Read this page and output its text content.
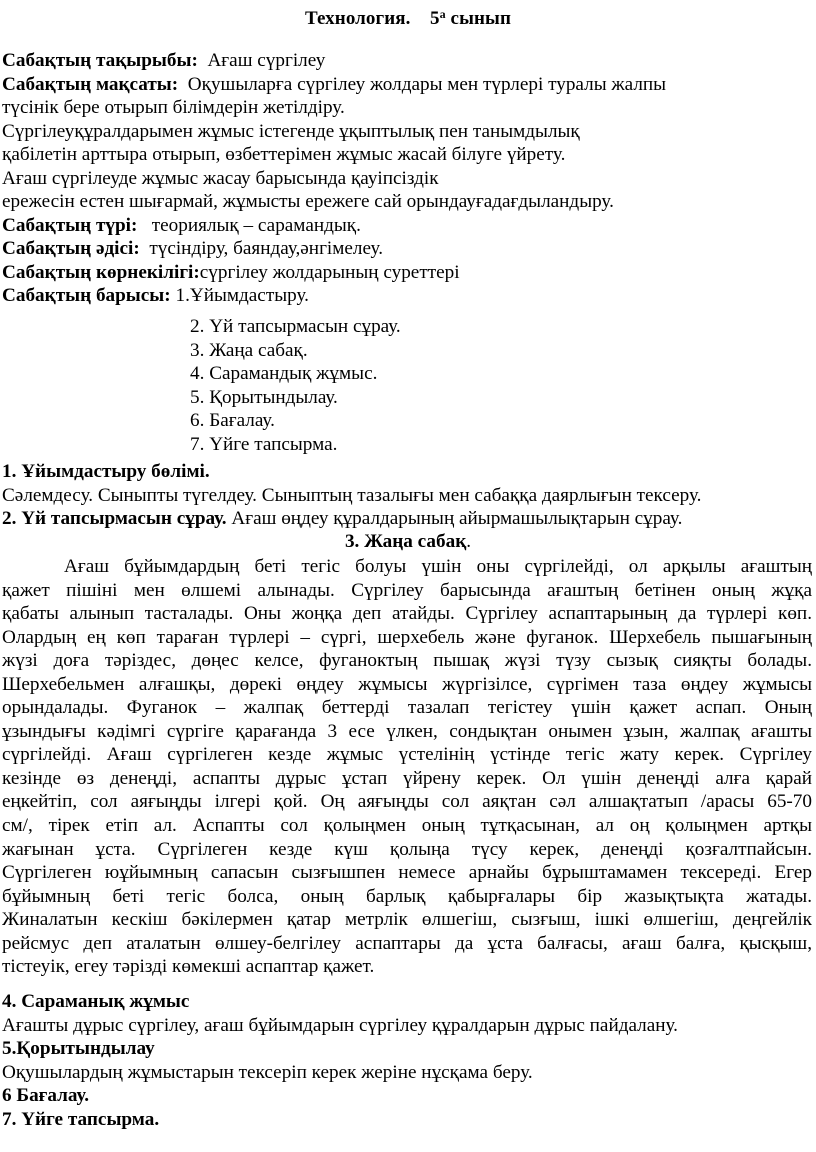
Технология. $5^а$ сынып
Сабақтың тақырыбы: Ағаш сүргілеу
Сабақтың мақсаты: Оқушыларға сүргілеу жолдары мен түрлері туралы жалпы
түсінік бере отырып білімдерін жетілдіру.
Сүргілеуқұралдарымен жұмыс істегенде ұқыптылық пен танымдылық
қабілетін арттыра отырып, өзбеттерімен жұмыс жасай білуге үйрету.
Ағаш сүргілеуде жұмыс жасау барысында қауіпсіздік
ережесін естен шығармай, жұмысты ережеге сай орындауғадағдыландыру.
Сабақтың түрі: теориялық – сарамандық.
Сабақтың әдісі: түсіндіру, баяндау,әнгімелеу.
Сабақтың көрнекілігі:сүргілеу жолдарының суреттері
Сабақтың барысы: 1.Ұйымдастыру.
2. Үй тапсырмасын сұрау.
3. Жаңа сабақ.
4. Сарамандық жұмыс.
5. Қорытындылау.
6. Бағалау.
7. Үйге тапсырма.
1. Ұйымдастыру бөлімі.
Сәлемдесу. Сыныпты түгелдеу. Сыныптың тазалығы мен сабаққа даярлығын тексеру.
2. Үй тапсырмасын сұрау. Ағаш өңдеу құралдарының айырмашылықтарын сұрау.
3. Жаңа сабақ.
Ағаш бұйымдардың беті тегіс болуы үшін оны сүргілейді, ол арқылы ағаштың
қажет пішіні мен өлшемі алынады. Сүргілеу барысында ағаштың бетінен оның жұқа
қабаты алынып тасталады. Оны жоңқа деп атайды. Сүргілеу аспаптарының да түрлері көп.
Олардың ең көп тараған түрлері – сүргі, шерхебель және фуганок. Шерхебель пышағының
жүзі доға тәріздес, дөңес келсе, фуганоктың пышақ жүзі түзу сызық сияқты болады.
Шерхебельмен алғашқы, дөрекі өңдеу жұмысы жүргізілсе, сүргімен таза өңдеу жұмысы
орындалады. Фуганок – жалпақ беттерді тазалап тегістеу үшін қажет аспап. Оның
ұзындығы кәдімгі сүргіге қарағанда 3 есе үлкен, сондықтан онымен ұзын, жалпақ ағашты
сүргілейді. Ағаш сүргілеген кезде жұмыс үстелінің үстінде тегіс жату керек. Сүргілеу
кезінде өз денеңді, аспапты дұрыс ұстап үйрену керек. Ол үшін денеңді алға қарай
еңкейтіп, сол аяғыңды ілгері қой. Оң аяғыңды сол аяқтан сәл алшақтатып /арасы 65-70
см/, тірек етіп ал. Аспапты сол қолыңмен оның тұтқасынан, ал оң қолыңмен артқы
жағынан ұста. Сүргілеген кезде күш қолыңа түсу керек, денеңді қозғалтпайсын.
Сүргілеген юұйымның сапасын сызғышпен немесе арнайы бұрыштамамен тексереді. Егер
бұйымның беті тегіс болса, оның барлық қабырғалары бір жазықтықта жатады.
Жиналатын кескіш бәкілермен қатар метрлік өлшегіш, сызғыш, ішкі өлшегіш, деңгейлік
рейсмус деп аталатын өлшеу-белгілеу аспаптары да ұста балғасы, ағаш балға, қысқыш,
тістеуік, егеу тәрізді көмекші аспаптар қажет.
4. Сараманық жұмыс
Ағашты дұрыс сүргілеу, ағаш бұйымдарын сүргілеу құралдарын дұрыс пайдалану.
5.Қорытындылау
Оқушылардың жұмыстарын тексеріп керек жеріне нұсқама беру.
6 Бағалау.
7. Үйге тапсырма.
